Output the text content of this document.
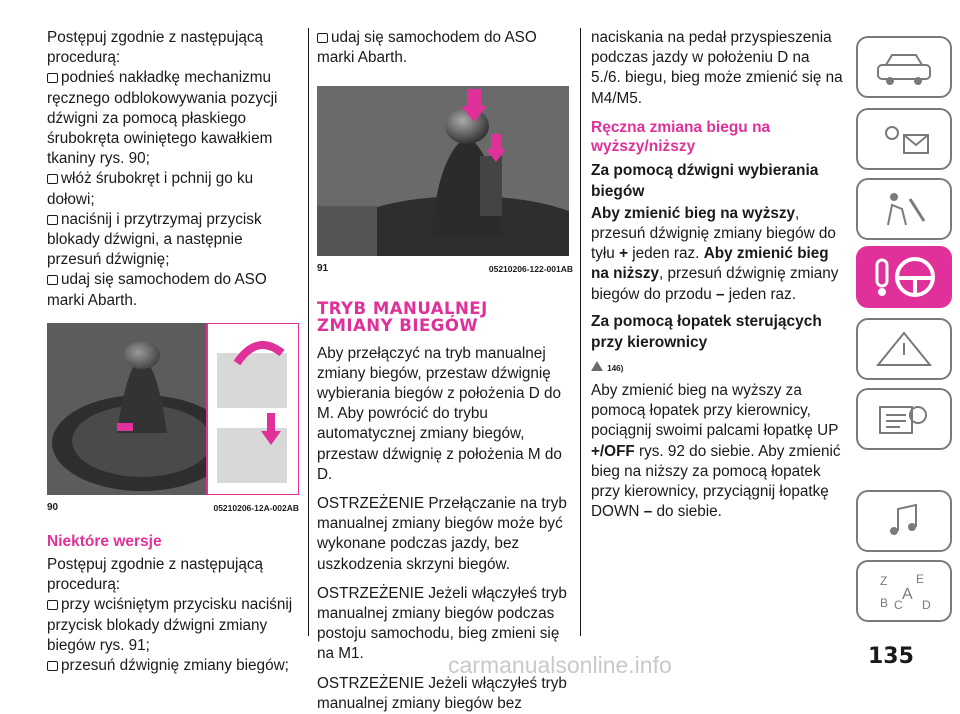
Postępuj zgodnie z następującą procedurą:

podnieś nakładkę mechanizmu ręcznego odblokowywania pozycji dźwigni za pomocą płaskiego śrubokręta owiniętego kawałkiem tkaniny rys. 90;

włóż śrubokręt i pchnij go ku dołowi;

naciśnij i przytrzymaj przycisk blokady dźwigni, a następnie przesuń dźwignię;

udaj się samochodem do ASO marki Abarth.

90	05210206-12A-002AB

Niektóre wersje

Postępuj zgodnie z następującą procedurą:

przy wciśniętym przycisku naciśnij przycisk blokady dźwigni zmiany biegów rys. 91;

przesuń dźwignię zmiany biegów;

udaj się samochodem do ASO marki Abarth.

91	05210206-122-001AB
TRYB MANUALNEJ
ZMIANY BIEGÓW

Aby przełączyć na tryb manualnej zmiany biegów, przestaw dźwignię wybierania biegów z położenia D do M. Aby powrócić do trybu automatycznej zmiany biegów, przestaw dźwignię z położenia M do D.

OSTRZEŻENIE Przełączanie na tryb manualnej zmiany biegów może być wykonane podczas jazdy, bez uszkodzenia skrzyni biegów.

OSTRZEŻENIE Jeżeli włączyłeś tryb manualnej zmiany biegów podczas postoju samochodu, bieg zmieni się na M1.

OSTRZEŻENIE Jeżeli włączyłeś tryb manualnej zmiany biegów bez

naciskania na pedał przyspieszenia podczas jazdy w położeniu D na 5./6. biegu, bieg może zmienić się na M4/M5.

Ręczna zmiana biegu na wyższy/niższy

Za pomocą dźwigni wybierania biegów

Aby zmienić bieg na wyższy, przesuń dźwignię zmiany biegów do tyłu + jeden raz. Aby zmienić bieg na niższy, przesuń dźwignię zmiany biegów do przodu – jeden raz.

Za pomocą łopatek sterujących przy kierownicy

146)

Aby zmienić bieg na wyższy za pomocą łopatek przy kierownicy, pociągnij swoimi palcami łopatkę UP +/OFF rys. 92 do siebie. Aby zmienić bieg na niższy za pomocą łopatek przy kierownicy, przyciągnij łopatkę DOWN – do siebie.

Z E
B C
A
D
135
carmanualsonline.info
